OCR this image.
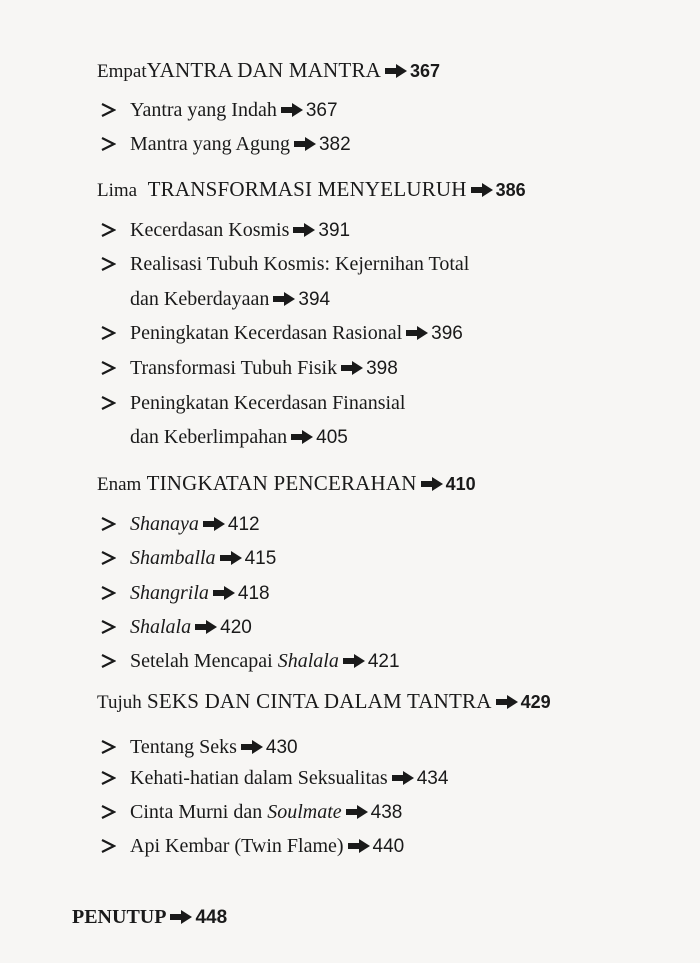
EmpatYANTRA DAN MANTRA 367
Yantra yang Indah 367
Mantra yang Agung 382
Lima TRANSFORMASI MENYELURUH 386
Kecerdasan Kosmis 391
Realisasi Tubuh Kosmis: Kejernihan Total
dan Keberdayaan 394
Peningkatan Kecerdasan Rasional 396
Transformasi Tubuh Fisik 398
Peningkatan Kecerdasan Finansial
dan Keberlimpahan 405
Enam TINGKATAN PENCERAHAN 410
Shanaya 412
Shamballa 415
Shangrila 418
Shalala 420
Setelah Mencapai Shalala 421
Tujuh SEKS DAN CINTA DALAM TANTRA 429
Tentang Seks 430
Kehati-hatian dalam Seksualitas 434
Cinta Murni dan Soulmate 438
Api Kembar (Twin Flame) 440
PENUTUP 448
